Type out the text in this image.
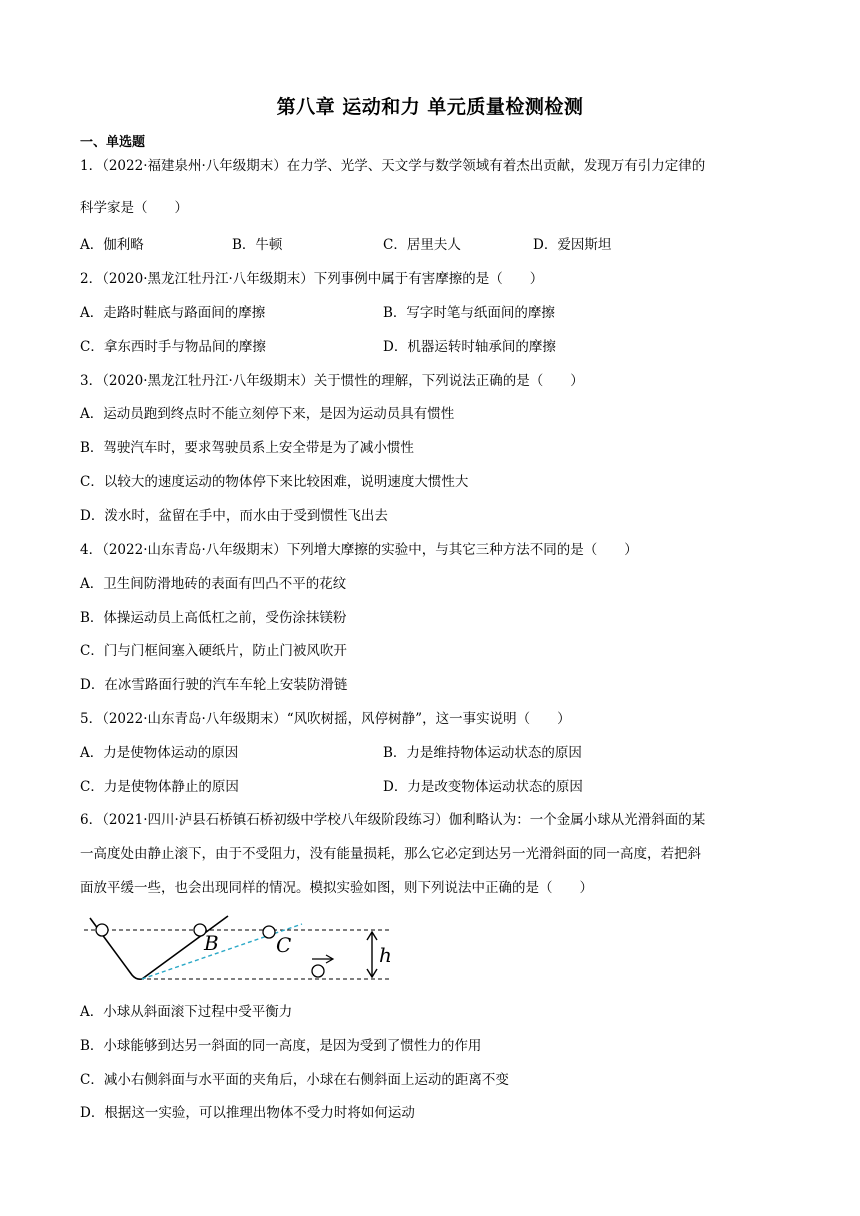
第八章 运动和力 单元质量检测检测
一、单选题
1．（2022·福建泉州·八年级期末）在力学、光学、天文学与数学领域有着杰出贡献，发现万有引力定律的
科学家是（　　）
A．伽利略	B．牛顿	C．居里夫人	D．爱因斯坦
2．（2020·黑龙江牡丹江·八年级期末）下列事例中属于有害摩擦的是（　　）
A．走路时鞋底与路面间的摩擦	B．写字时笔与纸面间的摩擦
C．拿东西时手与物品间的摩擦	D．机器运转时轴承间的摩擦
3．（2020·黑龙江牡丹江·八年级期末）关于惯性的理解，下列说法正确的是（　　）
A．运动员跑到终点时不能立刻停下来，是因为运动员具有惯性
B．驾驶汽车时，要求驾驶员系上安全带是为了减小惯性
C．以较大的速度运动的物体停下来比较困难，说明速度大惯性大
D．泼水时，盆留在手中，而水由于受到惯性飞出去
4．（2022·山东青岛·八年级期末）下列增大摩擦的实验中，与其它三种方法不同的是（　　）
A．卫生间防滑地砖的表面有凹凸不平的花纹
B．体操运动员上高低杠之前，受伤涂抹镁粉
C．门与门框间塞入硬纸片，防止门被风吹开
D．在冰雪路面行驶的汽车车轮上安装防滑链
5．（2022·山东青岛·八年级期末）“风吹树摇，风停树静”，这一事实说明（　　）
A．力是使物体运动的原因	B．力是维持物体运动状态的原因
C．力是使物体静止的原因	D．力是改变物体运动状态的原因
6．（2021·四川·泸县石桥镇石桥初级中学校八年级阶段练习）伽利略认为：一个金属小球从光滑斜面的某
一高度处由静止滚下，由于不受阻力，没有能量损耗，那么它必定到达另一光滑斜面的同一高度，若把斜
面放平缓一些，也会出现同样的情况。模拟实验如图，则下列说法中正确的是（　　）
B	C	h
A．小球从斜面滚下过程中受平衡力
B．小球能够到达另一斜面的同一高度，是因为受到了惯性力的作用
C．减小右侧斜面与水平面的夹角后，小球在右侧斜面上运动的距离不变
D．根据这一实验，可以推理出物体不受力时将如何运动
